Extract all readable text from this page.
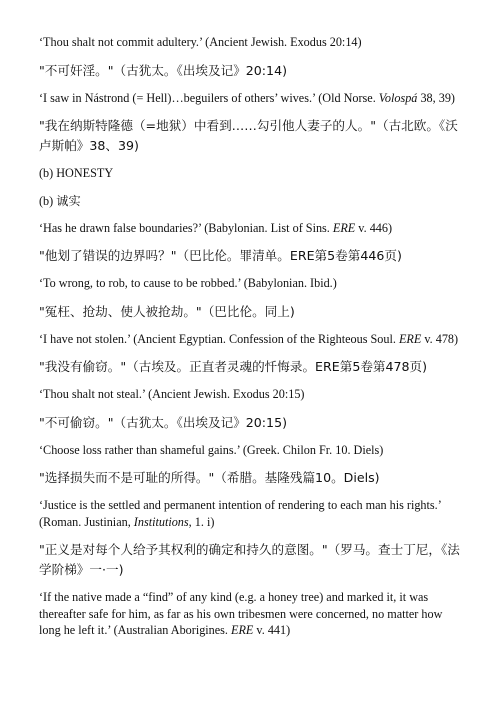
‘Thou shalt not commit adultery.’ (Ancient Jewish. Exodus 20:14)

"不可奸淫。"（古犹太。《出埃及记》20:14)

‘I saw in Nástrond (= Hell)…beguilers of others’ wives.’ (Old Norse. Volospá 38, 39)

"我在纳斯特隆德（=地狱）中看到……勾引他人妻子的人。"（古北欧。《沃卢斯帕》38、39)

(b) HONESTY

(b) 诚实

‘Has he drawn false boundaries?’ (Babylonian. List of Sins. ERE v. 446)

"他划了错误的边界吗？"（巴比伦。罪清单。ERE第5卷第446页)

‘To wrong, to rob, to cause to be robbed.’ (Babylonian. Ibid.)

"冤枉、抢劫、使人被抢劫。"（巴比伦。同上)

‘I have not stolen.’ (Ancient Egyptian. Confession of the Righteous Soul. ERE v. 478)

"我没有偷窃。"（古埃及。正直者灵魂的忏悔录。ERE第5卷第478页)

‘Thou shalt not steal.’ (Ancient Jewish. Exodus 20:15)

"不可偷窃。"（古犹太。《出埃及记》20:15)

‘Choose loss rather than shameful gains.’ (Greek. Chilon Fr. 10. Diels)

"选择损失而不是可耻的所得。"（希腊。基隆残篇10。Diels)

‘Justice is the settled and permanent intention of rendering to each man his rights.’ (Roman. Justinian, Institutions, 1. i)

"正义是对每个人给予其权利的确定和持久的意图。"（罗马。查士丁尼，《法学阶梯》一·一)

‘If the native made a “find” of any kind (e.g. a honey tree) and marked it, it was thereafter safe for him, as far as his own tribesmen were concerned, no matter how long he left it.’ (Australian Aborigines. ERE v. 441)
